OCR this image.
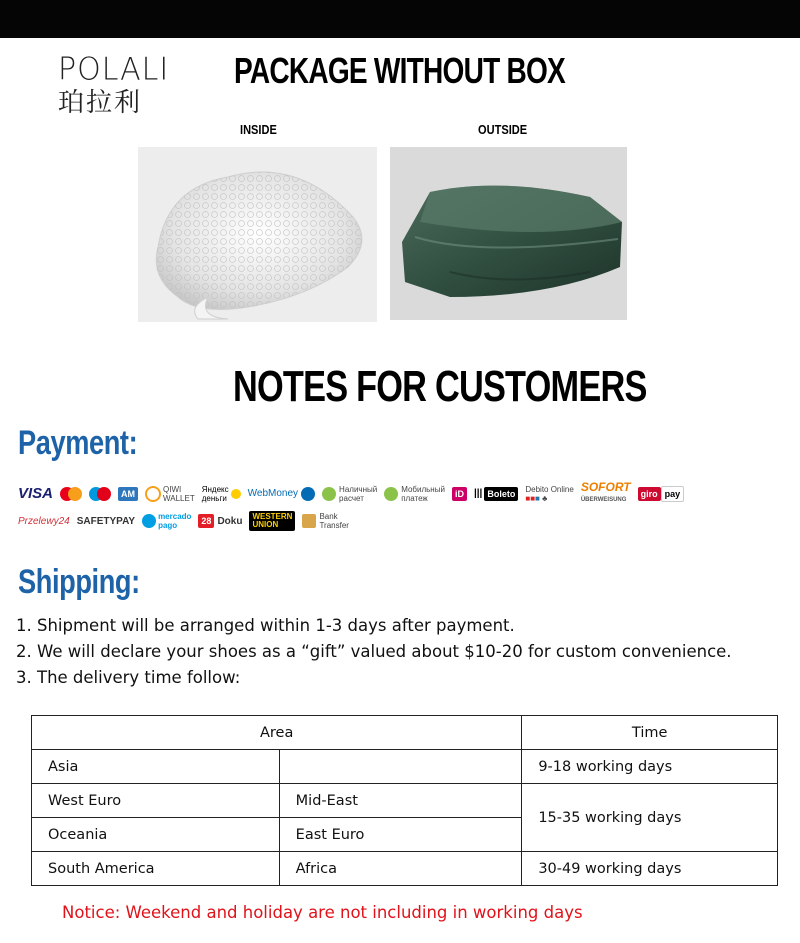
POLALI
珀拉利
PACKAGE WITHOUT BOX
INSIDE	OUTSIDE
NOTES FOR CUSTOMERS
Payment:
VISA	AM	QIWI
WALLET
Яндекс
деньги WebMoney	Наличный
расчет
Мобильный
платеж	iD	||| Boleto	Debito Online
■■■ ♣
SOFORT
ÜBERWEISUNG
giro pay
Przelewy24 SAFETYPAY	mercado
pago	28 Doku	WESTERN
UNION
Bank
Transfer
Shipping:
1. Shipment will be arranged within 1-3 days after payment.
2. We will declare your shoes as a “gift” valued about $10-20 for custom convenience.
3. The delivery time follow:
Area		Time
Asia		9-18 working days
West Euro	Mid-East	15-35 working days
Oceania	East Euro	
South America	Africa	30-49 working days
Notice: Weekend and holiday are not including in working days
